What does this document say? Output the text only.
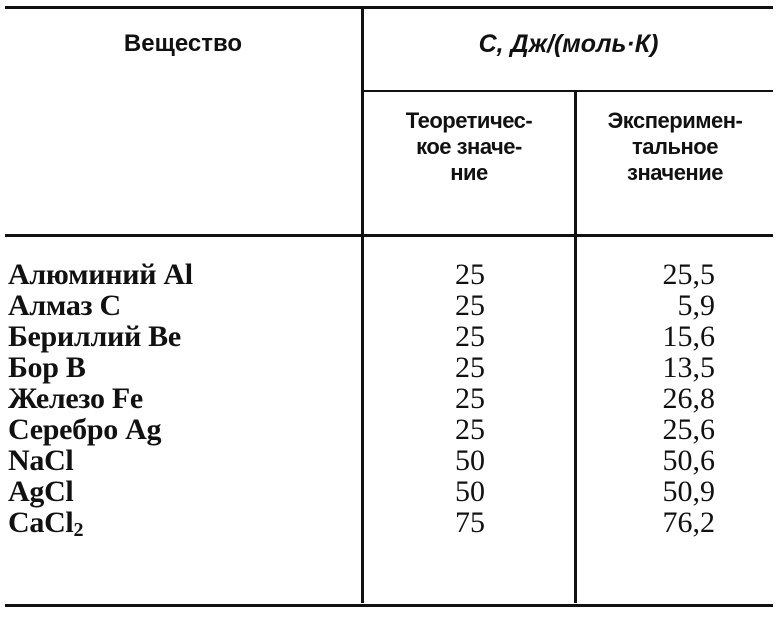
Вещество	C, Дж/(моль·К)
Теоретичес-
кое значе-
ние
Эксперимен-
тальное
значение
Алюминий Al
Алмаз C
Бериллий Be
Бор B
Железо Fe
Серебро Ag
NaCl
AgCl
CaCl$_2$
25
25
25
25
25
25
50
50
75
25,5
5,9
15,6
13,5
26,8
25,6
50,6
50,9
76,2
